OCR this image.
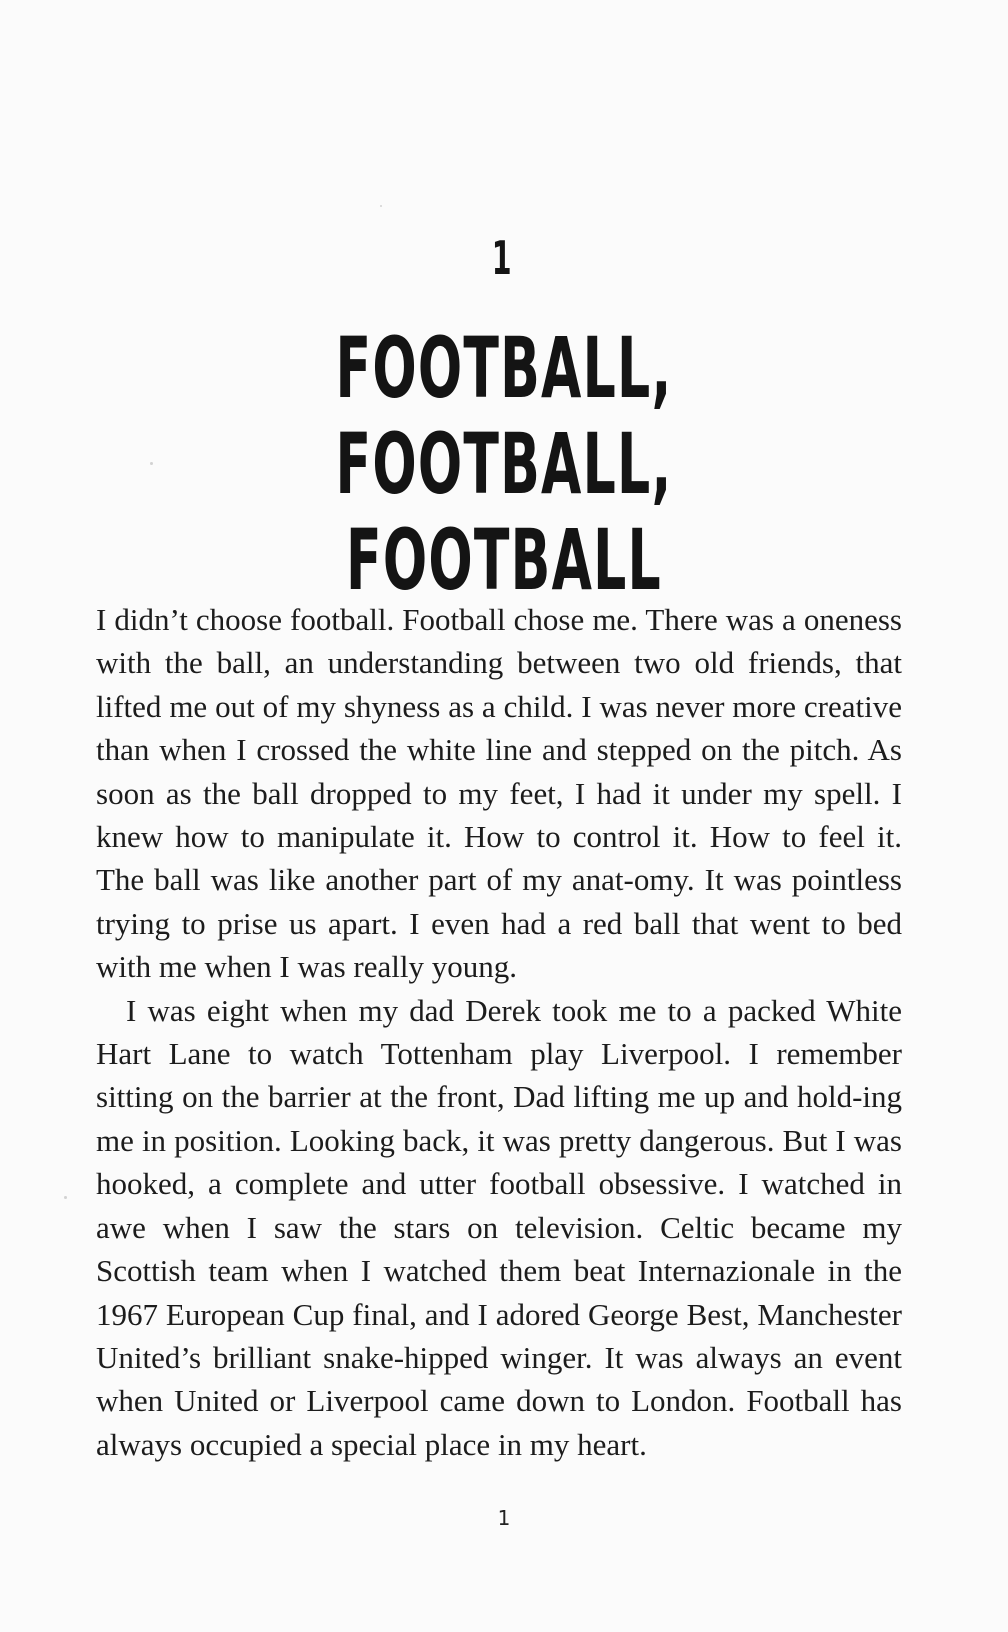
1
FOOTBALL, FOOTBALL,
FOOTBALL

I didn’t choose football. Football chose me. There was a oneness with the ball, an understanding between two old friends, that lifted me out of my shyness as a child. I was never more creative than when I crossed the white line and stepped on the pitch. As soon as the ball dropped to my feet, I had it under my spell. I knew how to manipulate it. How to control it. How to feel it. The ball was like another part of my anat-omy. It was pointless trying to prise us apart. I even had a red ball that went to bed with me when I was really young.

I was eight when my dad Derek took me to a packed White Hart Lane to watch Tottenham play Liverpool. I remember sitting on the barrier at the front, Dad lifting me up and hold-ing me in position. Looking back, it was pretty dangerous. But I was hooked, a complete and utter football obsessive. I watched in awe when I saw the stars on television. Celtic became my Scottish team when I watched them beat Internazionale in the 1967 European Cup final, and I adored George Best, Manchester United’s brilliant snake-hipped winger. It was always an event when United or Liverpool came down to London. Football has always occupied a special place in my heart.

1
